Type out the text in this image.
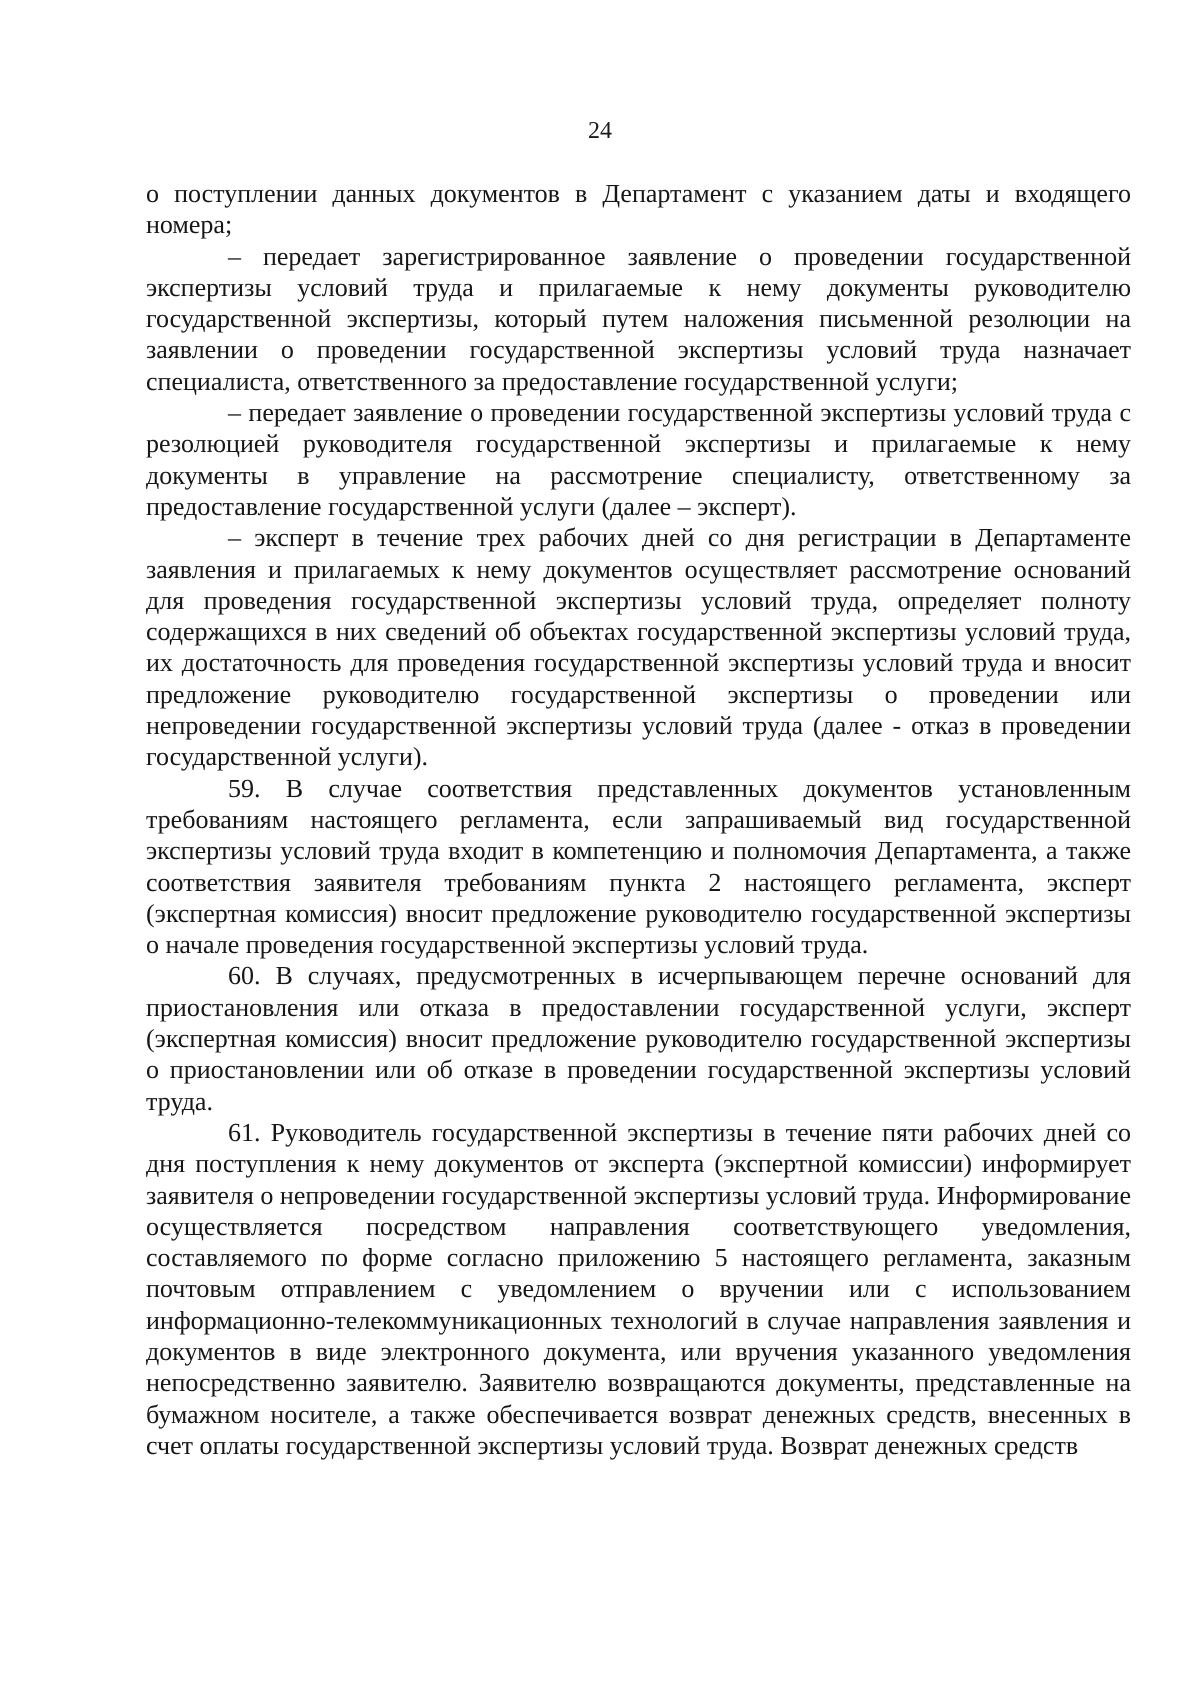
24

о поступлении данных документов в Департамент с указанием даты и входящего номера;

– передает зарегистрированное заявление о проведении государственной экспертизы условий труда и прилагаемые к нему документы руководителю государственной экспертизы, который путем наложения письменной резолюции на заявлении о проведении государственной экспертизы условий труда назначает специалиста, ответственного за предоставление государственной услуги;

– передает заявление о проведении государственной экспертизы условий труда с резолюцией руководителя государственной экспертизы и прилагаемые к нему документы в управление на рассмотрение специалисту, ответственному за предоставление государственной услуги (далее – эксперт).

– эксперт в течение трех рабочих дней со дня регистрации в Департаменте заявления и прилагаемых к нему документов осуществляет рассмотрение оснований для проведения государственной экспертизы условий труда, определяет полноту содержащихся в них сведений об объектах государственной экспертизы условий труда, их достаточность для проведения государственной экспертизы условий труда и вносит предложение руководителю государственной экспертизы о проведении или непроведении государственной экспертизы условий труда (далее - отказ в проведении государственной услуги).

59. В случае соответствия представленных документов установленным требованиям настоящего регламента, если запрашиваемый вид государственной экспертизы условий труда входит в компетенцию и полномочия Департамента, а также соответствия заявителя требованиям пункта 2 настоящего регламента, эксперт (экспертная комиссия) вносит предложение руководителю государственной экспертизы о начале проведения государственной экспертизы условий труда.

60. В случаях, предусмотренных в исчерпывающем перечне оснований для приостановления или отказа в предоставлении государственной услуги, эксперт (экспертная комиссия) вносит предложение руководителю государственной экспертизы о приостановлении или об отказе в проведении государственной экспертизы условий труда.

61. Руководитель государственной экспертизы в течение пяти рабочих дней со дня поступления к нему документов от эксперта (экспертной комиссии) информирует заявителя о непроведении государственной экспертизы условий труда. Информирование осуществляется посредством направления соответствующего уведомления, составляемого по форме согласно приложению 5 настоящего регламента, заказным почтовым отправлением с уведомлением о вручении или с использованием информационно-телекоммуникационных технологий в случае направления заявления и документов в виде электронного документа, или вручения указанного уведомления непосредственно заявителю. Заявителю возвращаются документы, представленные на бумажном носителе, а также обеспечивается возврат денежных средств, внесенных в счет оплаты государственной экспертизы условий труда. Возврат денежных средств
